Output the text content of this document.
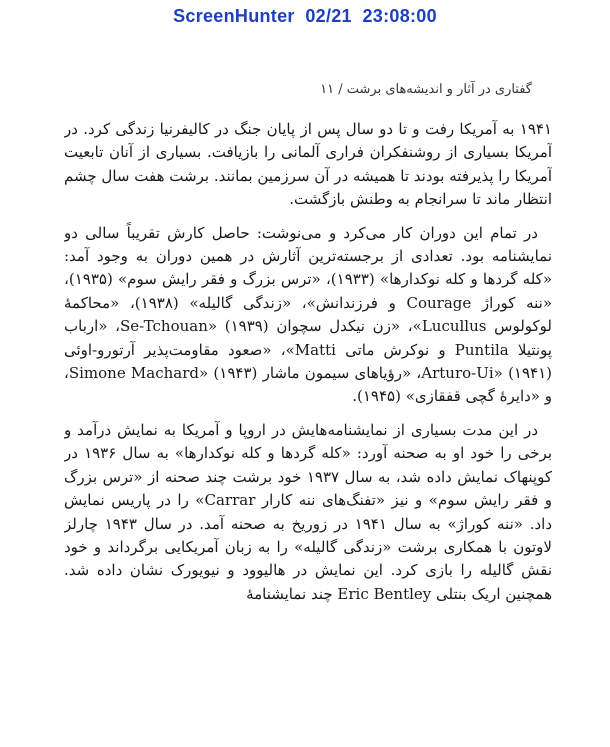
ScreenHunter  02/21  23:08:00
گفتاری در آثار و اندیشه‌های برشت / ۱۱

۱۹۴۱ به آمریکا رفت و تا دو سال پس از پایان جنگ در کالیفرنیا زندگی کرد. در آمریکا بسیاری از روشنفکران فراری آلمانی را بازیافت. بسیاری از آنان تابعیت آمریکا را پذیرفته بودند تا همیشه در آن سرزمین بمانند. برشت هفت سال چشم انتظار ماند تا سرانجام به وطنش بازگشت.

در تمام این دوران کار می‌کرد و می‌نوشت: حاصل کارش تقریباً سالی دو نمایشنامه بود. تعدادی از برجسته‌ترین آثارش در همین دوران به وجود آمد: «کله گردها و کله نوکدارها» (۱۹۳۳)، «ترس بزرگ و فقر رایش سوم» (۱۹۳۵)، «ننه کوراژ Courage و فرزندانش»، «زندگی گالیله» (۱۹۳۸)، «محاکمهٔ لوکولوس Lucullus»، «زن نیکدل سچوان Se-Tchouan» (۱۹۳۹)، «ارباب پونتیلا Puntila و نوکرش ماتی Matti»، «صعود مقاومت‌پذیر آرتورو-اوئی Arturo-Ui» (۱۹۴۱)، «رؤیاهای سیمون ماشار Simone Machard» (۱۹۴۳)، و «دایرهٔ گچی قفقازی» (۱۹۴۵).

در این مدت بسیاری از نمایشنامه‌هایش در اروپا و آمریکا به نمایش درآمد و برخی را خود او به صحنه آورد: «کله گردها و کله نوکدارها» به سال ۱۹۳۶ در کوپنهاک نمایش داده شد، به سال ۱۹۳۷ خود برشت چند صحنه از «ترس بزرگ و فقر رایش سوم» و نیز «تفنگ‌های ننه کارار Carrar» را در پاریس نمایش داد. «ننه کوراژ» به سال ۱۹۴۱ در زوریخ به صحنه آمد. در سال ۱۹۴۳ چارلز لاوتون با همکاری برشت «زندگی گالیله» را به زبان آمریکایی برگرداند و خود نقش گالیله را بازی کرد. این نمایش در هالیوود و نیویورک نشان داده شد. همچنین اریک بنتلی Eric Bentley چند نمایشنامهٔ
